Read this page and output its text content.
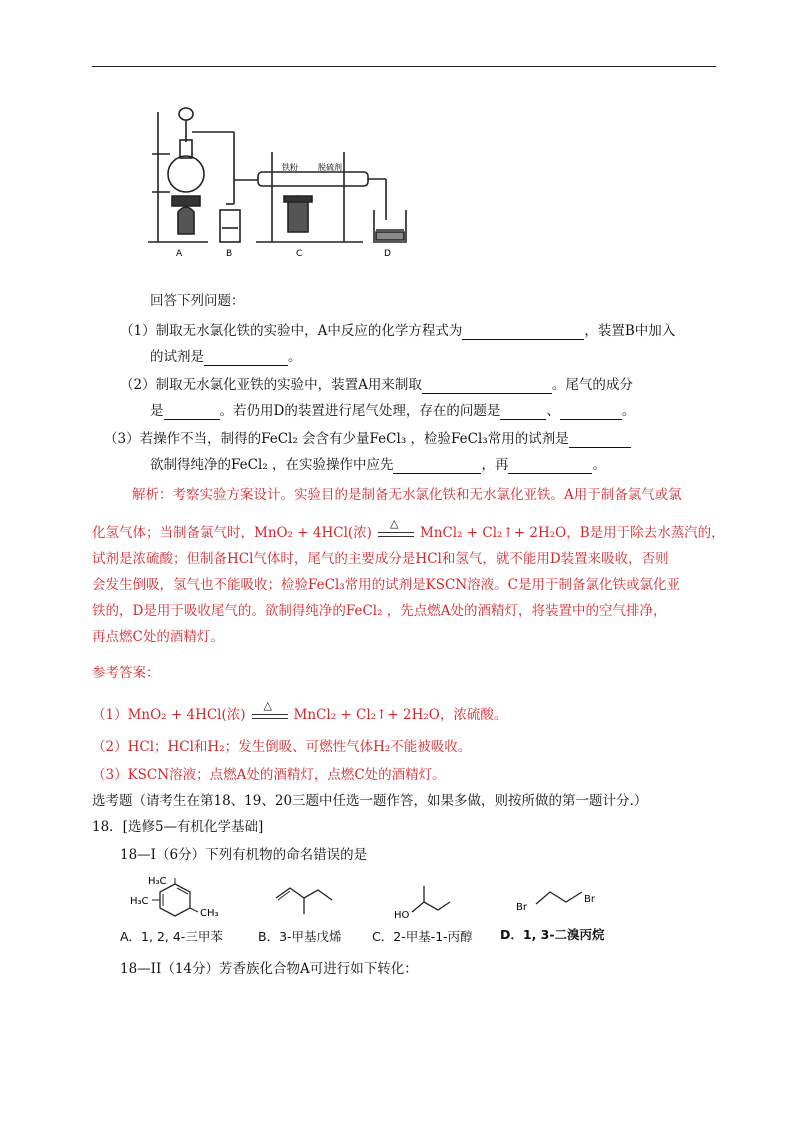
铁粉	脱硫剂
A	B	C	D
回答下列问题：
（1）制取无水氯化铁的实验中，A中反应的化学方程式为	，装置B中加入
的试剂是	。
（2）制取无水氯化亚铁的实验中，装置A用来制取	。尾气的成分
是	。若仍用D的装置进行尾气处理，存在的问题是	、	。
（3）若操作不当，制得的FeCl₂ 会含有少量FeCl₃ ，检验FeCl₃常用的试剂是
欲制得纯净的FeCl₂ ，在实验操作中应先	，再	。
解析：考察实验方案设计。实验目的是制备无水氯化铁和无水氯化亚铁。A用于制备氯气或氯
化氢气体；当制备氯气时，MnO₂ + 4HCl(浓)
△
MnCl₂ + Cl₂↑+ 2H₂O，B是用于除去水蒸汽的，
试剂是浓硫酸；但制备HCl气体时，尾气的主要成分是HCl和氢气，就不能用D装置来吸收，否则
会发生倒吸，氢气也不能吸收；检验FeCl₃常用的试剂是KSCN溶液。C是用于制备氯化铁或氯化亚
铁的，D是用于吸收尾气的。欲制得纯净的FeCl₂ ，先点燃A处的酒精灯，将装置中的空气排净，
再点燃C处的酒精灯。
参考答案：
（1）MnO₂ + 4HCl(浓)
△
MnCl₂ + Cl₂↑+ 2H₂O，浓硫酸。
（2）HCl；HCl和H₂；发生倒吸、可燃性气体H₂不能被吸收。
（3）KSCN溶液；点燃A处的酒精灯，点燃C处的酒精灯。
选考题（请考生在第18、19、20三题中任选一题作答，如果多做，则按所做的第一题计分.）
18．[选修5—有机化学基础]
18—I（6分）下列有机物的命名错误的是
H₃C
H₃C
CH₃	HO
Br
Br
A．1, 2, 4-三甲苯	B．3-甲基戊烯 C．2-甲基-1-丙醇 D．1, 3-二溴丙烷
18—II（14分）芳香族化合物A可进行如下转化：
